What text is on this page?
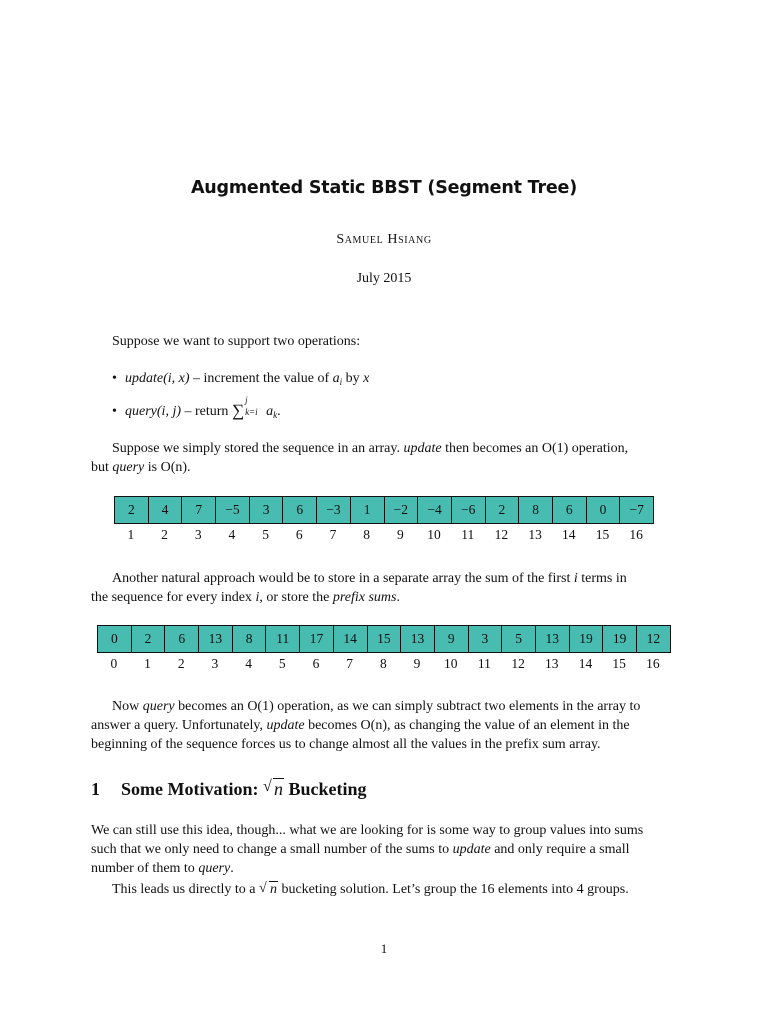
Augmented Static BBST (Segment Tree)
Samuel Hsiang
July 2015
Suppose we want to support two operations:
• update(i, x) – increment the value of $a_i$ by x
• query(i, j) – return ∑
j
k=i $a_k$.
Suppose we simply stored the sequence in an array. update then becomes an O(1) operation,
but query is O(n).
2	4	7	−5	3	6	−3	1	−2	−4	−6	2	8	6	0	−7
1	2	3	4	5	6	7	8	9	10	11	12	13	14	15	16
Another natural approach would be to store in a separate array the sum of the first i terms in
the sequence for every index i, or store the prefix sums.
0	2	6	13	8	11	17	14	15	13	9	3	5	13	19	19	12
0	1	2	3	4	5	6	7	8	9	10	11	12	13	14	15	16
Now query becomes an O(1) operation, as we can simply subtract two elements in the array to
answer a query. Unfortunately, update becomes O(n), as changing the value of an element in the
beginning of the sequence forces us to change almost all the values in the prefix sum array.
1 Some Motivation: √ n Bucketing
We can still use this idea, though... what we are looking for is some way to group values into sums
such that we only need to change a small number of the sums to update and only require a small
number of them to query.
This leads us directly to a √ n bucketing solution. Let’s group the 16 elements into 4 groups.
1
